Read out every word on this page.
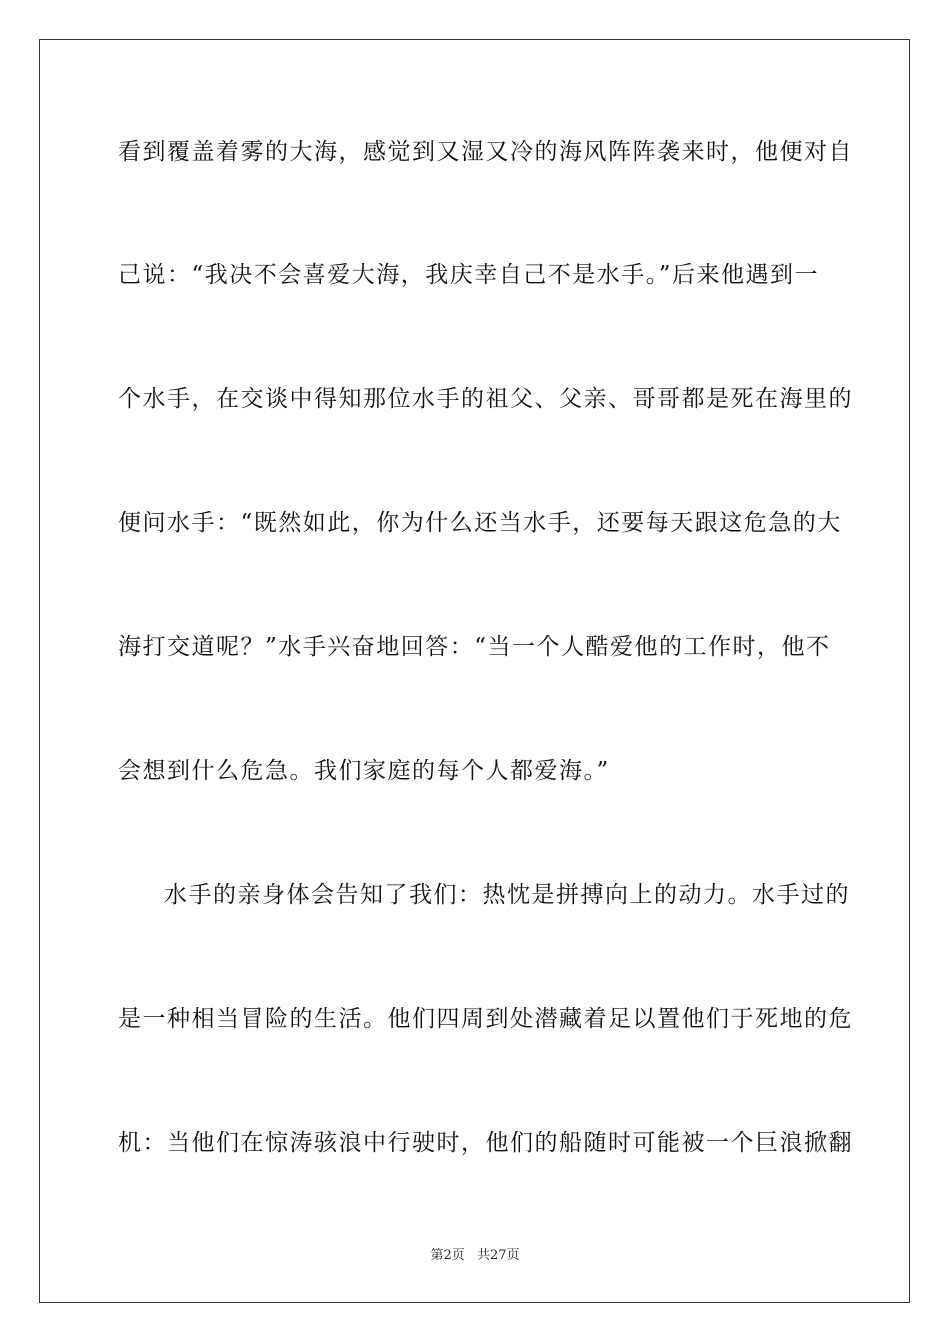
看到覆盖着雾的大海，感觉到又湿又冷的海风阵阵袭来时，他便对自
己说：“我决不会喜爱大海，我庆幸自己不是水手。”后来他遇到一
个水手，在交谈中得知那位水手的祖父、父亲、哥哥都是死在海里的
便问水手：“既然如此，你为什么还当水手，还要每天跟这危急的大
海打交道呢？”水手兴奋地回答：“当一个人酷爱他的工作时，他不
会想到什么危急。我们家庭的每个人都爱海。”
水手的亲身体会告知了我们：热忱是拼搏向上的动力。水手过的
是一种相当冒险的生活。他们四周到处潜藏着足以置他们于死地的危
机：当他们在惊涛骇浪中行驶时，他们的船随时可能被一个巨浪掀翻
第2页 共27页
